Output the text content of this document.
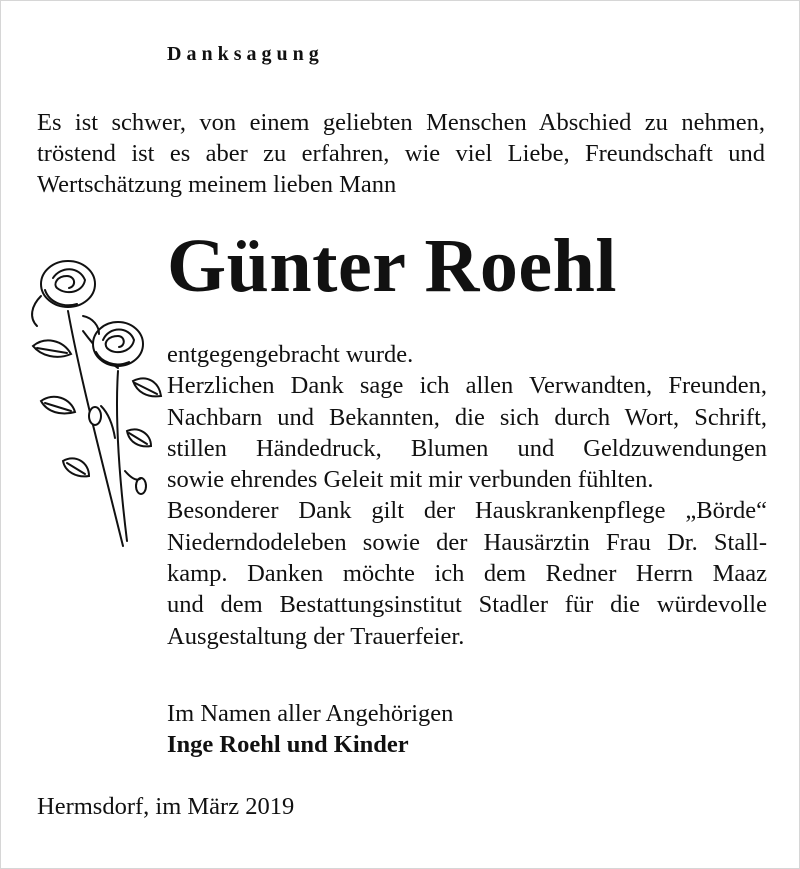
Danksagung
Es ist schwer, von einem geliebten Menschen Abschied zu nehmen,
tröstend ist es aber zu erfahren, wie viel Liebe, Freundschaft und
Wertschätzung meinem lieben Mann
Günter Roehl
entgegengebracht wurde.
Herzlichen Dank sage ich allen Verwandten, Freunden,
Nachbarn und Bekannten, die sich durch Wort, Schrift,
stillen Händedruck, Blumen und Geldzuwendungen
sowie ehrendes Geleit mit mir verbunden fühlten.
Besonderer Dank gilt der Hauskrankenpflege „Börde“
Niederndodeleben sowie der Hausärztin Frau Dr. Stall-
kamp. Danken möchte ich dem Redner Herrn Maaz
und dem Bestattungsinstitut Stadler für die würdevolle
Ausgestaltung der Trauerfeier.
Im Namen aller Angehörigen
Inge Roehl und Kinder
Hermsdorf, im März 2019
